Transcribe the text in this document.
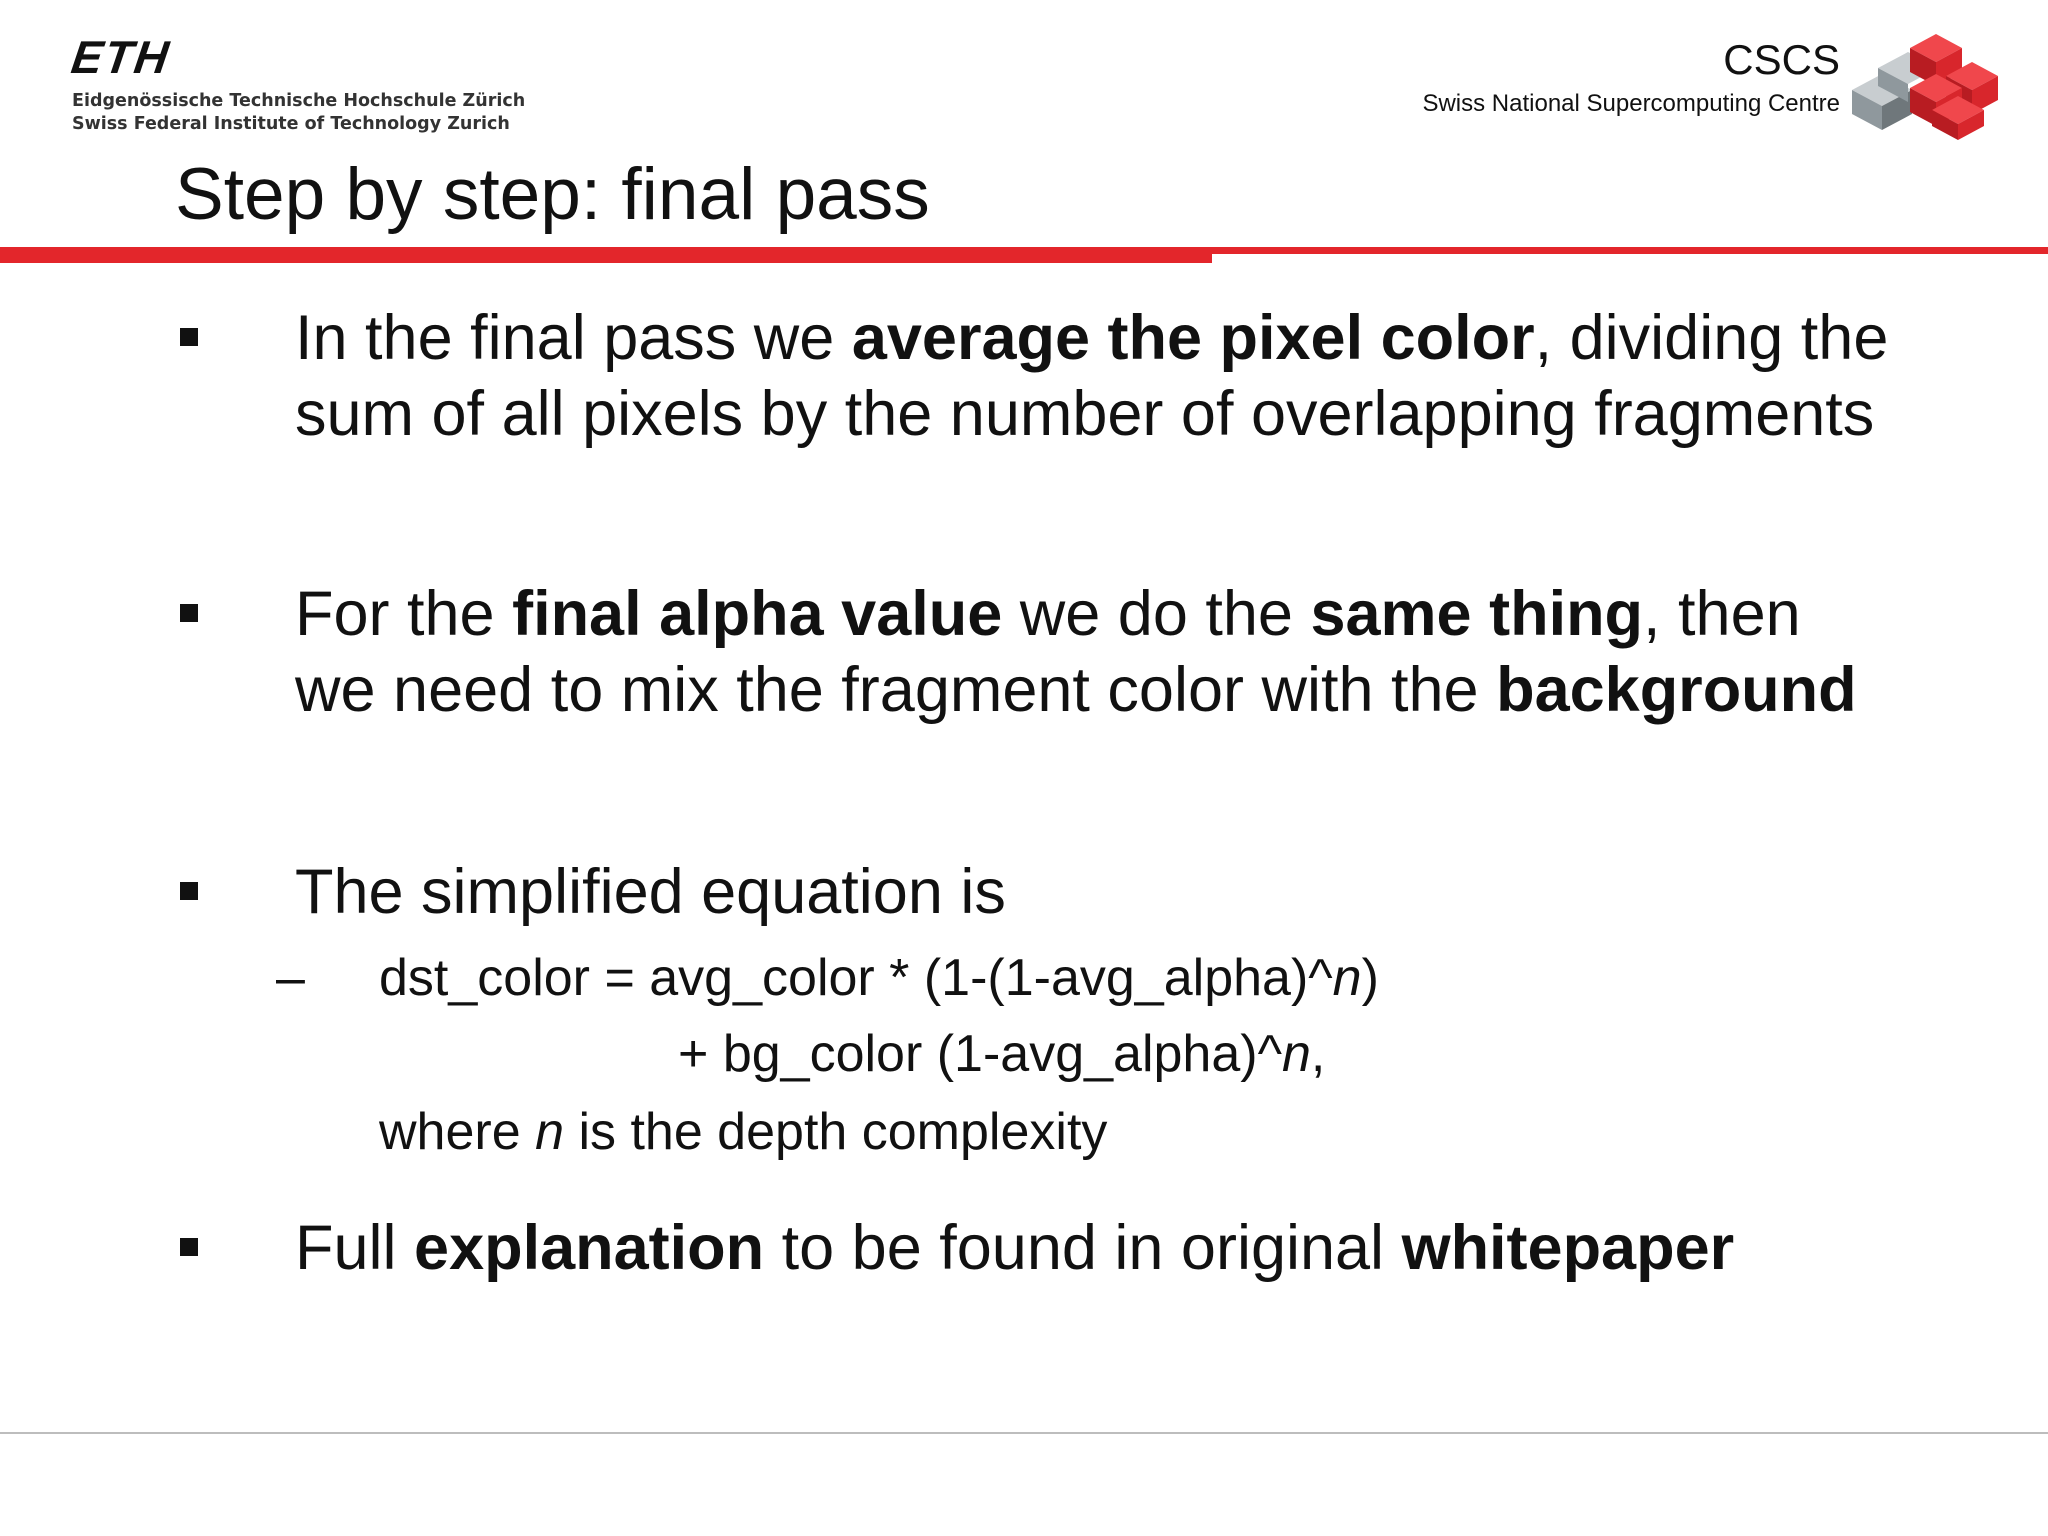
ETH
Eidgenössische Technische Hochschule Zürich
Swiss Federal Institute of Technology Zurich
CSCS
Swiss National Supercomputing Centre
Step by step: final pass
In the final pass we average the pixel color, dividing the sum of all pixels by the number of overlapping fragments
For the final alpha value we do the same thing, then we need to mix the fragment color with the background
The simplified equation is
– dst_color = avg_color * (1-(1-avg_alpha)^n)
+ bg_color (1-avg_alpha)^n,
where n is the depth complexity
Full explanation to be found in original whitepaper
